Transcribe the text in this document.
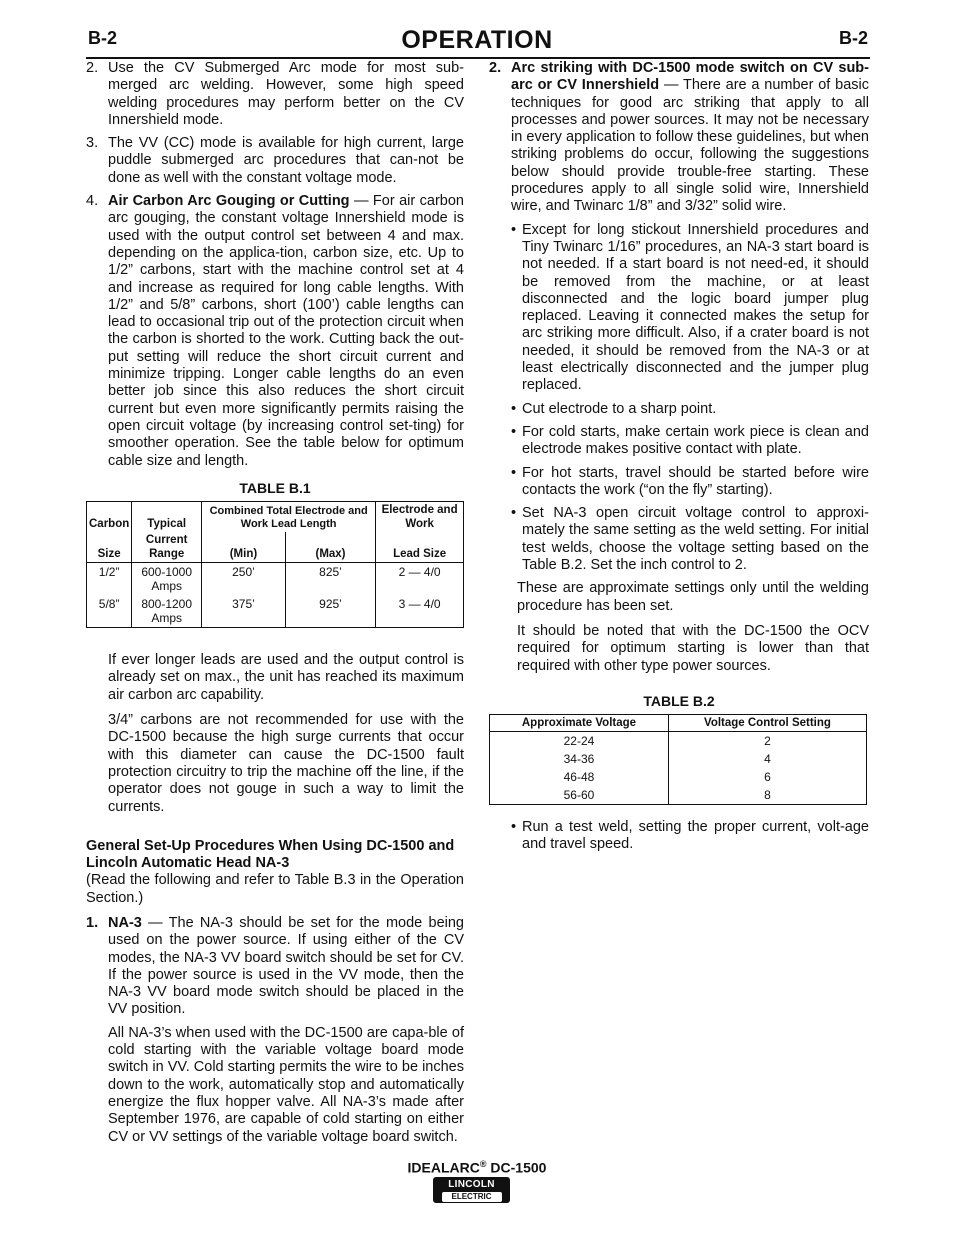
B-2	OPERATION	B-2
2. Use the CV Submerged Arc mode for most sub-merged arc welding. However, some high speed welding procedures may perform better on the CV Innershield mode.
3. The VV (CC) mode is available for high current, large puddle submerged arc procedures that can-not be done as well with the constant voltage mode.
4. Air Carbon Arc Gouging or Cutting — For air carbon arc gouging, the constant voltage Innershield mode is used with the output control set between 4 and max. depending on the applica-tion, carbon size, etc. Up to 1/2” carbons, start with the machine control set at 4 and increase as required for long cable lengths. With 1/2” and 5/8” carbons, short (100’) cable lengths can lead to occasional trip out of the protection circuit when the carbon is shorted to the work. Cutting back the out-put setting will reduce the short circuit current and minimize tripping. Longer cable lengths do an even better job since this also reduces the short circuit current but even more significantly permits raising the open circuit voltage (by increasing control set-ting) for smoother operation. See the table below for optimum cable size and length.
TABLE B.1
Carbon	Typical	Combined Total Electrode and Work Lead Length		Electrode and Work

Size	Current Range	(Min)	(Max)	Lead Size
1/2”	600-1000 Amps	250’	825’	2 — 4/0
5/8”	800-1200 Amps	375’	925’	3 — 4/0

If ever longer leads are used and the output control is already set on max., the unit has reached its maximum air carbon arc capability.

3/4” carbons are not recommended for use with the DC-1500 because the high surge currents that occur with this diameter can cause the DC-1500 fault protection circuitry to trip the machine off the line, if the operator does not gouge in such a way to limit the currents.

General Set-Up Procedures When Using DC-1500 and Lincoln Automatic Head NA-3

(Read the following and refer to Table B.3 in the Operation Section.)

1. NA-3 — The NA-3 should be set for the mode being used on the power source. If using either of the CV modes, the NA-3 VV board switch should be set for CV. If the power source is used in the VV mode, then the NA-3 VV board mode switch should be placed in the VV position.

All NA-3’s when used with the DC-1500 are capa-ble of cold starting with the variable voltage board mode switch in VV. Cold starting permits the wire to be inches down to the work, automatically stop and automatically energize the flux hopper valve. All NA-3’s made after September 1976, are capable of cold starting on either CV or VV settings of the variable voltage board switch.

2. Arc striking with DC-1500 mode switch on CV sub-arc or CV Innershield — There are a number of basic techniques for good arc striking that apply to all processes and power sources. It may not be necessary in every application to follow these guidelines, but when striking problems do occur, following the suggestions below should provide trouble-free starting. These procedures apply to all single solid wire, Innershield wire, and Twinarc 1/8” and 3/32” solid wire.
• Except for long stickout Innershield procedures and Tiny Twinarc 1/16” procedures, an NA-3 start board is not needed. If a start board is not need-ed, it should be removed from the machine, or at least disconnected and the logic board jumper plug replaced. Leaving it connected makes the setup for arc striking more difficult. Also, if a crater board is not needed, it should be removed from the NA-3 or at least electrically disconnected and the jumper plug replaced.
• Cut electrode to a sharp point.
• For cold starts, make certain work piece is clean and electrode makes positive contact with plate.
• For hot starts, travel should be started before wire contacts the work (“on the fly” starting).
• Set NA-3 open circuit voltage control to approxi-mately the same setting as the weld setting. For initial test welds, choose the voltage setting based on the Table B.2. Set the inch control to 2.

These are approximate settings only until the welding procedure has been set.

It should be noted that with the DC-1500 the OCV required for optimum starting is lower than that required with other type power sources.

TABLE B.2
Approximate Voltage	Voltage Control Setting
22-24	2
34-36	4
46-48	6
56-60	8
• Run a test weld, setting the proper current, volt-age and travel speed.
IDEALARC® DC-1500
LINCOLN
ELECTRIC
